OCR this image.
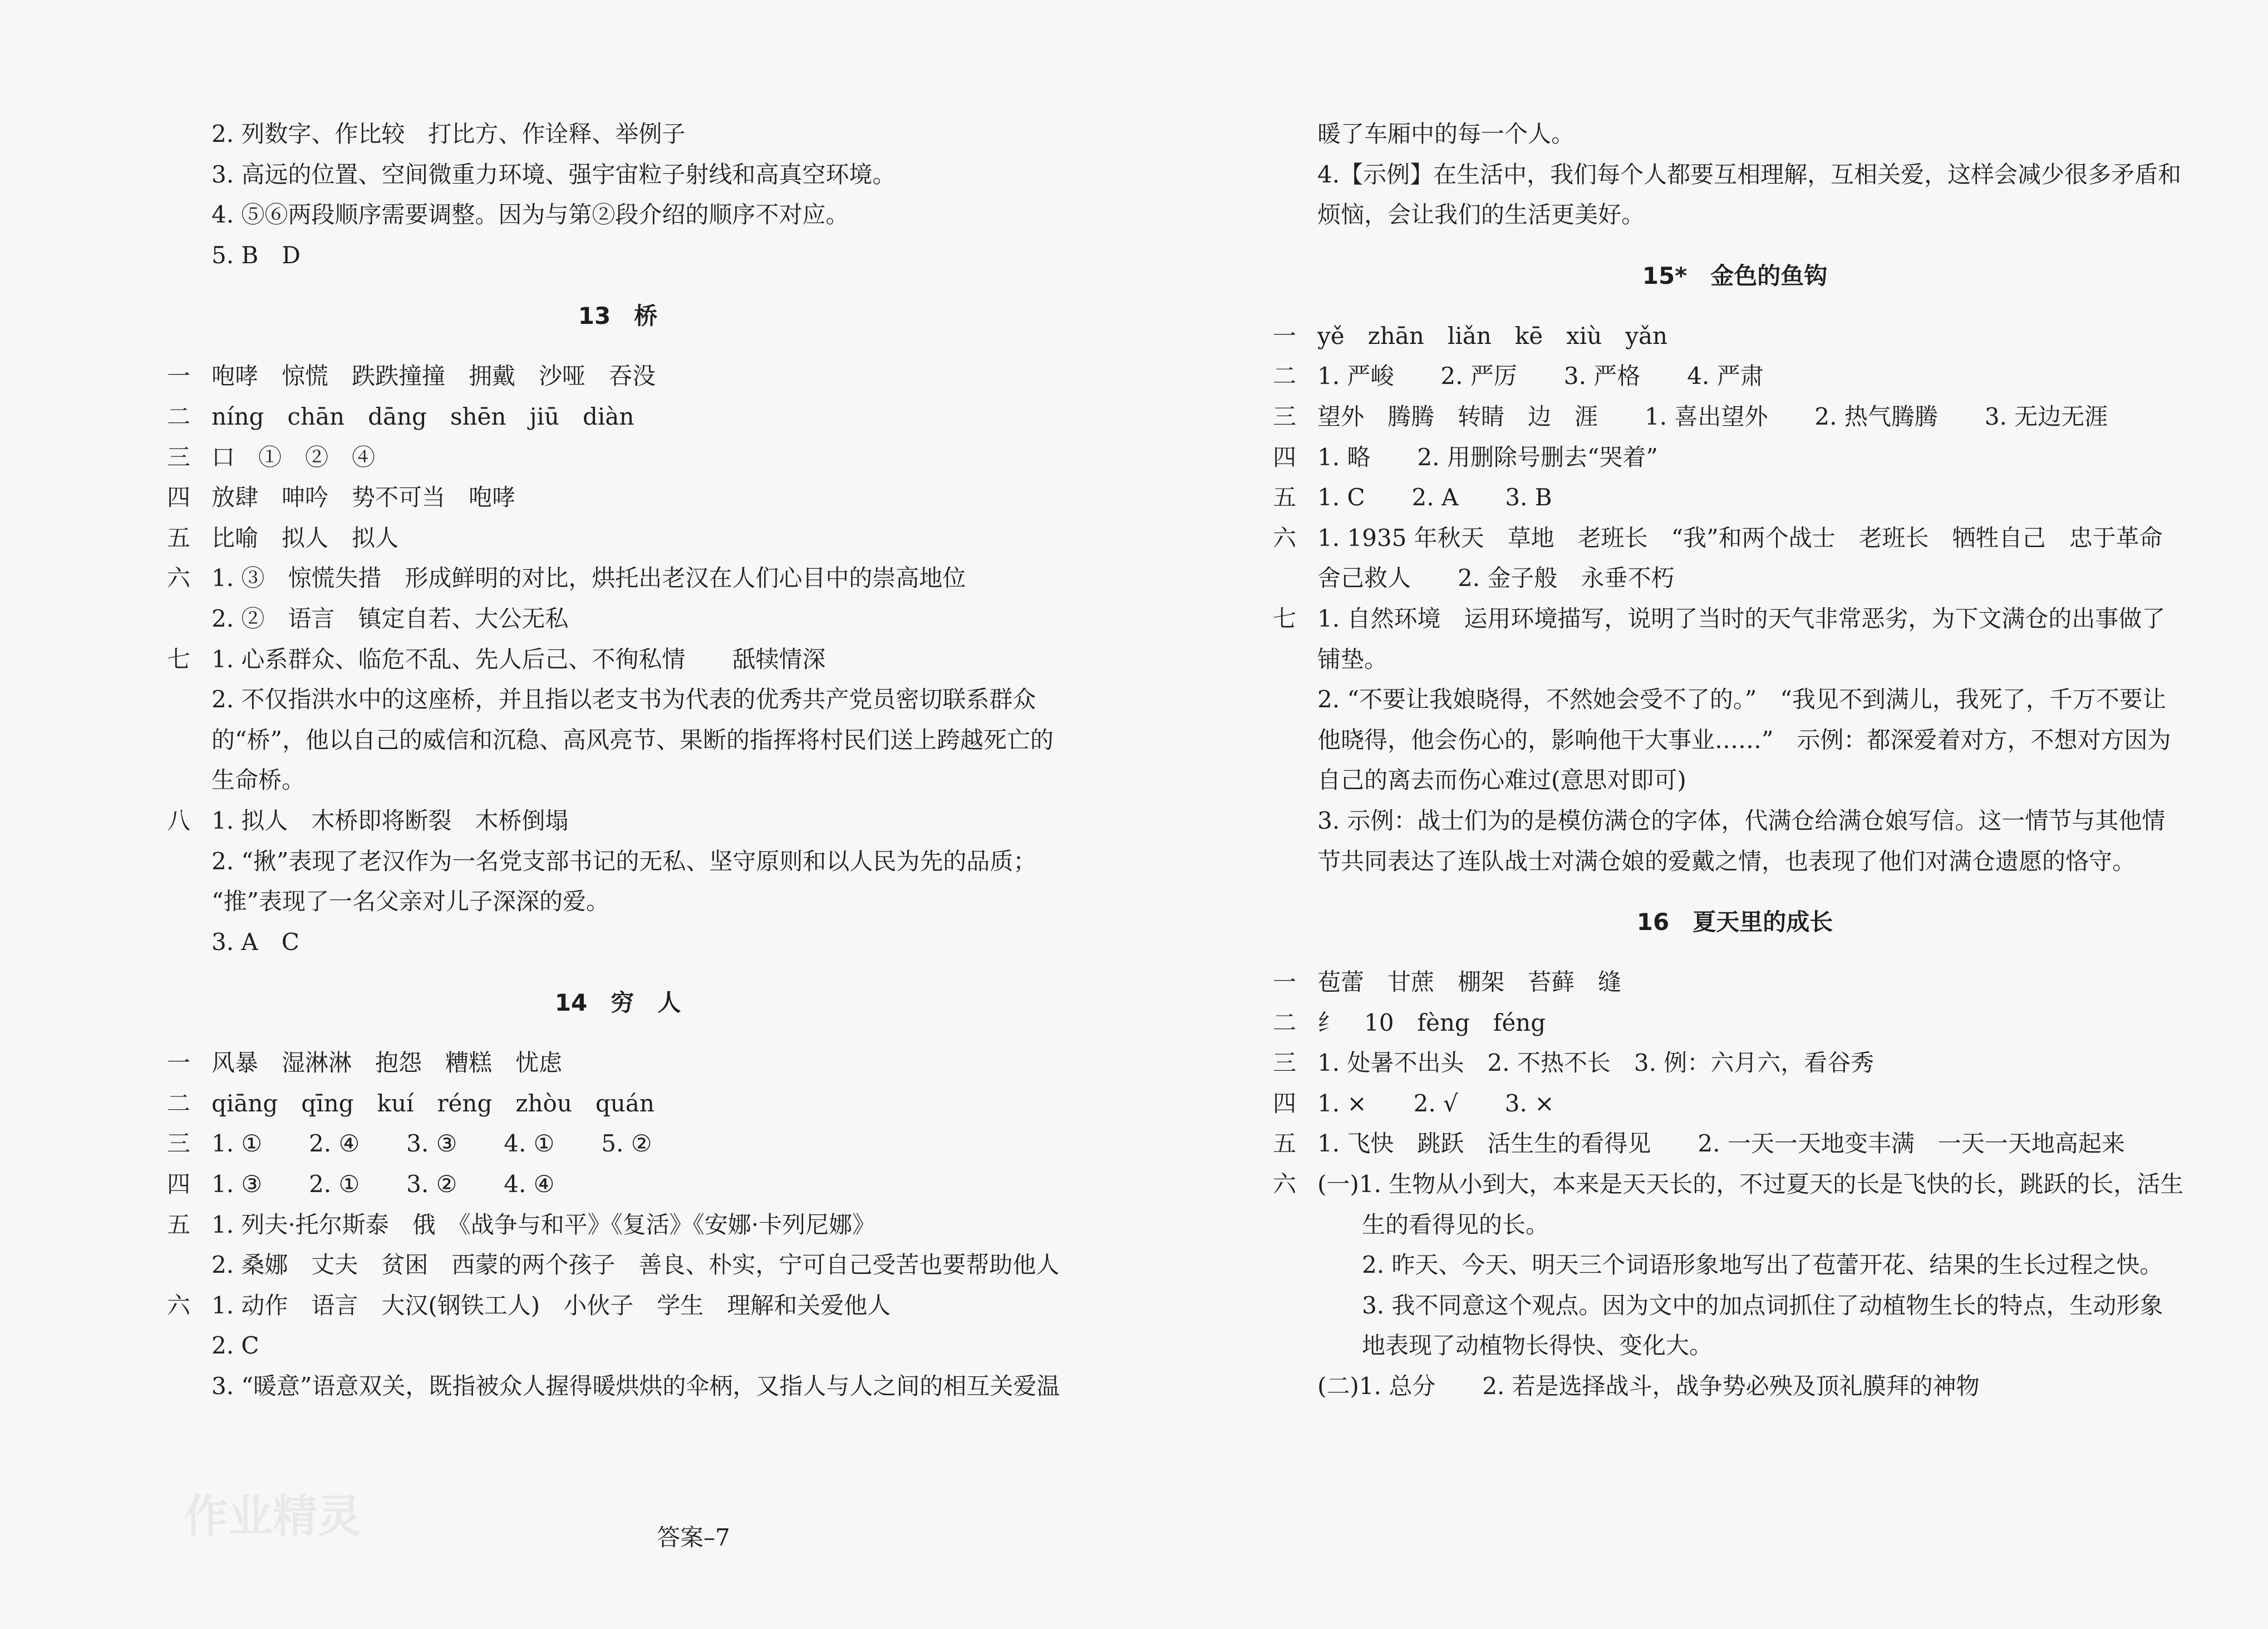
2. 列数字、作比较　打比方、作诠释、举例子
3. 高远的位置、空间微重力环境、强宇宙粒子射线和高真空环境。
4. ⑤⑥两段顺序需要调整。因为与第②段介绍的顺序不对应。
5. B　D
13　桥
一 咆哮　惊慌　跌跌撞撞　拥戴　沙哑　吞没
二 níng　chān　dāng　shēn　jiū　diàn
三 口　①　②　④
四 放肆　呻吟　势不可当　咆哮
五 比喻　拟人　拟人
六 1. ③　惊慌失措　形成鲜明的对比，烘托出老汉在人们心目中的崇高地位
2. ②　语言　镇定自若、大公无私
七 1. 心系群众、临危不乱、先人后己、不徇私情　　舐犊情深
2. 不仅指洪水中的这座桥，并且指以老支书为代表的优秀共产党员密切联系群众
的“桥”，他以自己的威信和沉稳、高风亮节、果断的指挥将村民们送上跨越死亡的
生命桥。
八 1. 拟人　木桥即将断裂　木桥倒塌
2. “揪”表现了老汉作为一名党支部书记的无私、坚守原则和以人民为先的品质；
“推”表现了一名父亲对儿子深深的爱。
3. A　C
14　穷　人
一 风暴　湿淋淋　抱怨　糟糕　忧虑
二 qiāng　qīng　kuí　réng　zhòu　quán
三 1. ①　　2. ④　　3. ③　　4. ①　　5. ②
四 1. ③　　2. ①　　3. ②　　4. ④
五 1. 列夫·托尔斯泰　俄　《战争与和平》《复活》《安娜·卡列尼娜》
2. 桑娜　丈夫　贫困　西蒙的两个孩子　善良、朴实，宁可自己受苦也要帮助他人
六 1. 动作　语言　大汉(钢铁工人)　小伙子　学生　理解和关爱他人
2. C
3. “暖意”语意双关，既指被众人握得暖烘烘的伞柄，又指人与人之间的相互关爱温
答案–7
暖了车厢中的每一个人。
4.【示例】在生活中，我们每个人都要互相理解，互相关爱，这样会减少很多矛盾和
烦恼，会让我们的生活更美好。
15*　金色的鱼钩
一 yě　zhān　liǎn　kē　xiù　yǎn
二 1. 严峻　　2. 严厉　　3. 严格　　4. 严肃
三 望外　腾腾　转睛　边　涯　　1. 喜出望外　　2. 热气腾腾　　3. 无边无涯
四 1. 略　　2. 用删除号删去“哭着”
五 1. C　　2. A　　3. B
六 1. 1935 年秋天　草地　老班长　“我”和两个战士　老班长　牺牲自己　忠于革命
舍己救人　　2. 金子般　永垂不朽
七 1. 自然环境　运用环境描写，说明了当时的天气非常恶劣，为下文满仓的出事做了
铺垫。
2. “不要让我娘晓得，不然她会受不了的。”　“我见不到满儿，我死了，千万不要让
他晓得，他会伤心的，影响他干大事业……”　示例：都深爱着对方，不想对方因为
自己的离去而伤心难过(意思对即可)
3. 示例：战士们为的是模仿满仓的字体，代满仓给满仓娘写信。这一情节与其他情
节共同表达了连队战士对满仓娘的爱戴之情，也表现了他们对满仓遗愿的恪守。
16　夏天里的成长
一 苞蕾　甘蔗　棚架　苔藓　缝
二 纟　10　fèng　féng
三 1. 处暑不出头　2. 不热不长　3. 例：六月六，看谷秀
四 1. ×　　2. √　　3. ×
五 1. 飞快　跳跃　活生生的看得见　　2. 一天一天地变丰满　一天一天地高起来
六 (一)1. 生物从小到大，本来是天天长的，不过夏天的长是飞快的长，跳跃的长，活生
生的看得见的长。
2. 昨天、今天、明天三个词语形象地写出了苞蕾开花、结果的生长过程之快。
3. 我不同意这个观点。因为文中的加点词抓住了动植物生长的特点，生动形象
地表现了动植物长得快、变化大。
(二)1. 总分　　2. 若是选择战斗，战争势必殃及顶礼膜拜的神物
作业精灵
